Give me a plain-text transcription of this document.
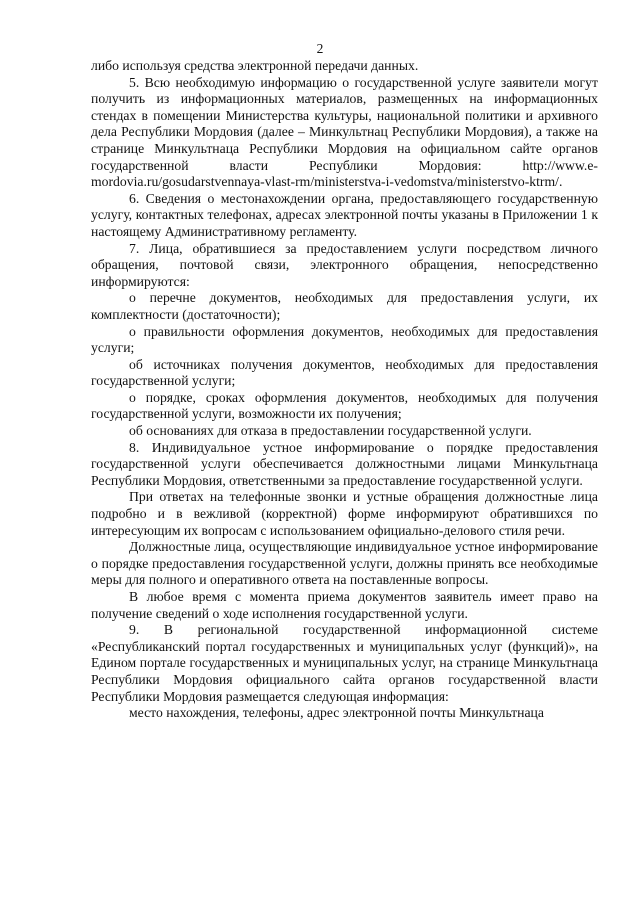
2

либо используя средства электронной передачи данных.

5. Всю необходимую информацию о государственной услуге заявители могут получить из информационных материалов, размещенных на информационных стендах в помещении Министерства культуры, национальной политики и архивного дела Республики Мордовия (далее – Минкультнац Республики Мордовия), а также на странице Минкультнаца Республики Мордовия на официальном сайте органов государственной власти Республики Мордовия: http://www.e-mordovia.ru/gosudarstvennaya-vlast-rm/ministerstva-i-vedomstva/ministerstvo-ktrm/.

6. Сведения о местонахождении органа, предоставляющего государственную услугу, контактных телефонах, адресах электронной почты указаны в Приложении 1 к настоящему Административному регламенту.

7. Лица, обратившиеся за предоставлением услуги посредством личного обращения, почтовой связи, электронного обращения, непосредственно информируются:

о перечне документов, необходимых для предоставления услуги, их комплектности (достаточности);

о правильности оформления документов, необходимых для предоставления услуги;

об источниках получения документов, необходимых для предоставления государственной услуги;

о порядке, сроках оформления документов, необходимых для получения государственной услуги, возможности их получения;

об основаниях для отказа в предоставлении государственной услуги.

8. Индивидуальное устное информирование о порядке предоставления государственной услуги обеспечивается должностными лицами Минкультнаца Республики Мордовия, ответственными за предоставление государственной услуги.

При ответах на телефонные звонки и устные обращения должностные лица подробно и в вежливой (корректной) форме информируют обратившихся по интересующим их вопросам с использованием официально-делового стиля речи.

Должностные лица, осуществляющие индивидуальное устное информирование о порядке предоставления государственной услуги, должны принять все необходимые меры для полного и оперативного ответа на поставленные вопросы.

В любое время с момента приема документов заявитель имеет право на получение сведений о ходе исполнения государственной услуги.

9. В региональной государственной информационной системе «Республиканский портал государственных и муниципальных услуг (функций)», на Едином портале государственных и муниципальных услуг, на странице Минкультнаца Республики Мордовия официального сайта органов государственной власти Республики Мордовия размещается следующая информация:

место нахождения, телефоны, адрес электронной почты Минкультнаца
